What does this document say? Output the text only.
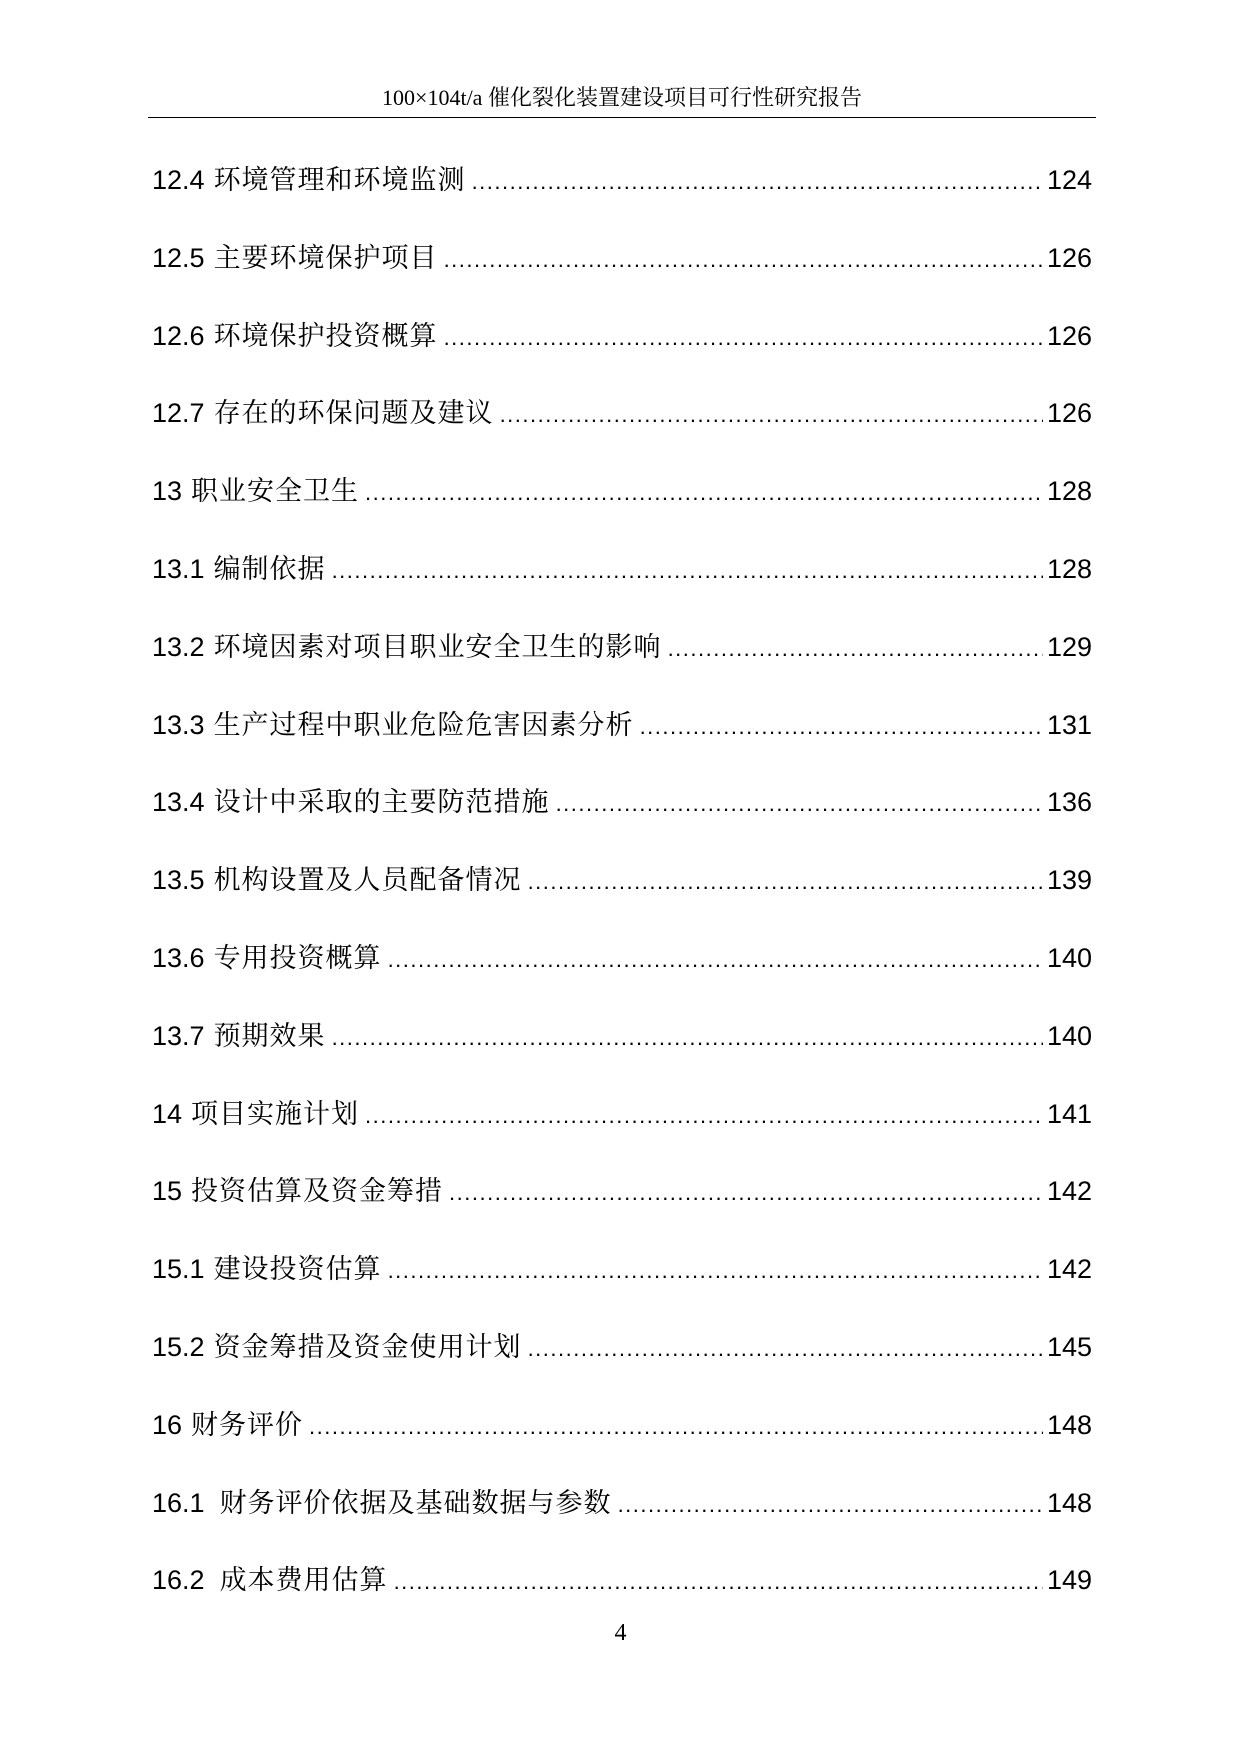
100×104t/a 催化裂化装置建设项目可行性研究报告
12.4 环境管理和环境监测 .....	124
12.5 主要环境保护项目 .....	126
12.6 环境保护投资概算 .....	126
12.7 存在的环保问题及建议 .....	126
13 职业安全卫生 .....	128
13.1 编制依据 .....	128
13.2 环境因素对项目职业安全卫生的影响 .....	129
13.3 生产过程中职业危险危害因素分析 .....	131
13.4 设计中采取的主要防范措施 .....	136
13.5 机构设置及人员配备情况 .....	139
13.6 专用投资概算 .....	140
13.7 预期效果 .....	140
14 项目实施计划 .....	141
15 投资估算及资金筹措 .....	142
15.1 建设投资估算 .....	142
15.2 资金筹措及资金使用计划 .....	145
16 财务评价 .....	148
16.1 财务评价依据及基础数据与参数 .....	148
16.2 成本费用估算 .....	149
4
